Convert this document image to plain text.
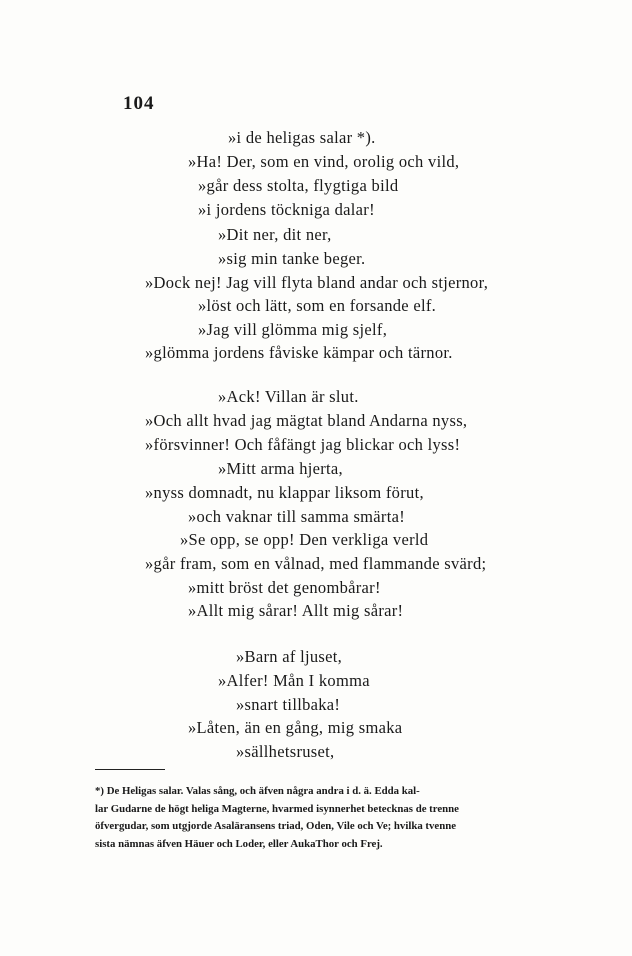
104
»i de heligas salar *).
»Ha! Der, som en vind, orolig och vild,
»går dess stolta, flygtiga bild
»i jordens töckniga dalar!
»Dit ner, dit ner,
»sig min tanke beger.
»Dock nej! Jag vill flyta bland andar och stjernor,
»löst och lätt, som en forsande elf.
»Jag vill glömma mig sjelf,
»glömma jordens fåviske kämpar och tärnor.
»Ack! Villan är slut.
»Och allt hvad jag mägtat bland Andarna nyss,
»försvinner! Och fåfängt jag blickar och lyss!
»Mitt arma hjerta,
»nyss domnadt, nu klappar liksom förut,
»och vaknar till samma smärta!
»Se opp, se opp! Den verkliga verld
»går fram, som en vålnad, med flammande svärd;
»mitt bröst det genombårar!
»Allt mig sårar! Allt mig sårar!
»Barn af ljuset,
»Alfer! Mån I komma
»snart tillbaka!
»Låten, än en gång, mig smaka
»sällhetsruset,
*) De Heligas salar. Valas sång, och äfven några andra i d. ä. Edda kal-
lar Gudarne de högt heliga Magterne, hvarmed isynnerhet betecknas de trenne
öfvergudar, som utgjorde Asaläransens triad, Oden, Vile och Ve; hvilka tvenne
sista nämnas äfven Häuer och Loder, eller AukaThor och Frej.
